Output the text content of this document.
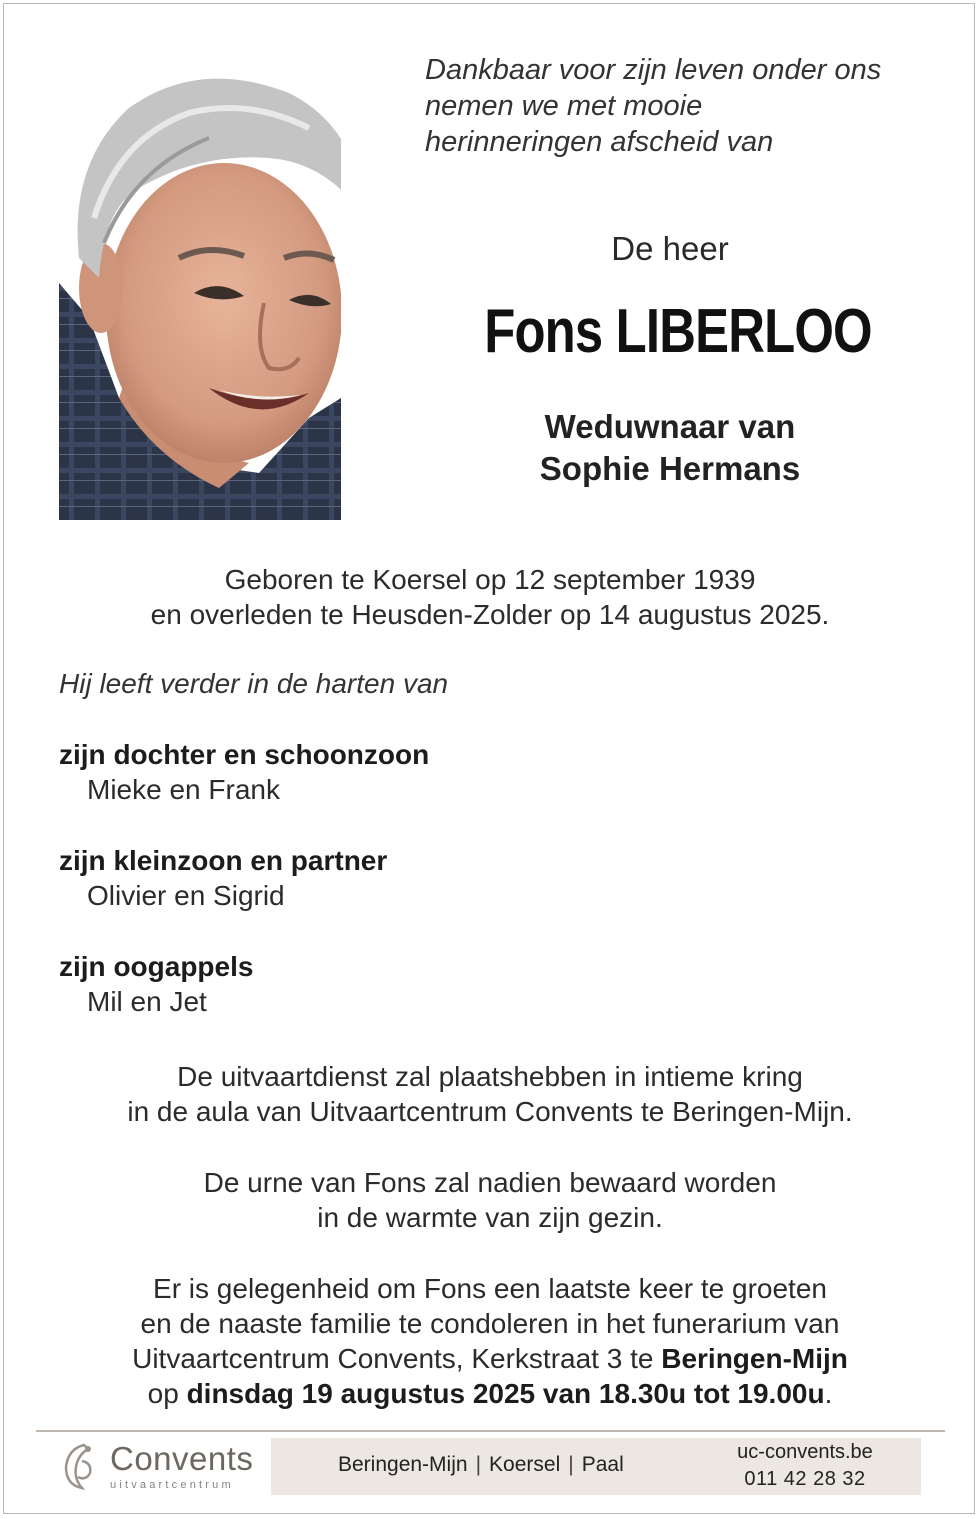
Dankbaar voor zijn leven onder ons
nemen we met mooie
herinneringen afscheid van
De heer
Fons LIBERLOO
Weduwnaar van
Sophie Hermans
Geboren te Koersel op 12 september 1939
en overleden te Heusden-Zolder op 14 augustus 2025.
Hij leeft verder in de harten van
zijn dochter en schoonzoon
Mieke en Frank
zijn kleinzoon en partner
Olivier en Sigrid
zijn oogappels
Mil en Jet
De uitvaartdienst zal plaatshebben in intieme kring
in de aula van Uitvaartcentrum Convents te Beringen-Mijn.
De urne van Fons zal nadien bewaard worden
in de warmte van zijn gezin.
Er is gelegenheid om Fons een laatste keer te groeten
en de naaste familie te condoleren in het funerarium van
Uitvaartcentrum Convents, Kerkstraat 3 te Beringen-Mijn
op dinsdag 19 augustus 2025 van 18.30u tot 19.00u.
Convents
uitvaartcentrum
Beringen-Mijn | Koersel | Paal
uc-convents.be
011 42 28 32
